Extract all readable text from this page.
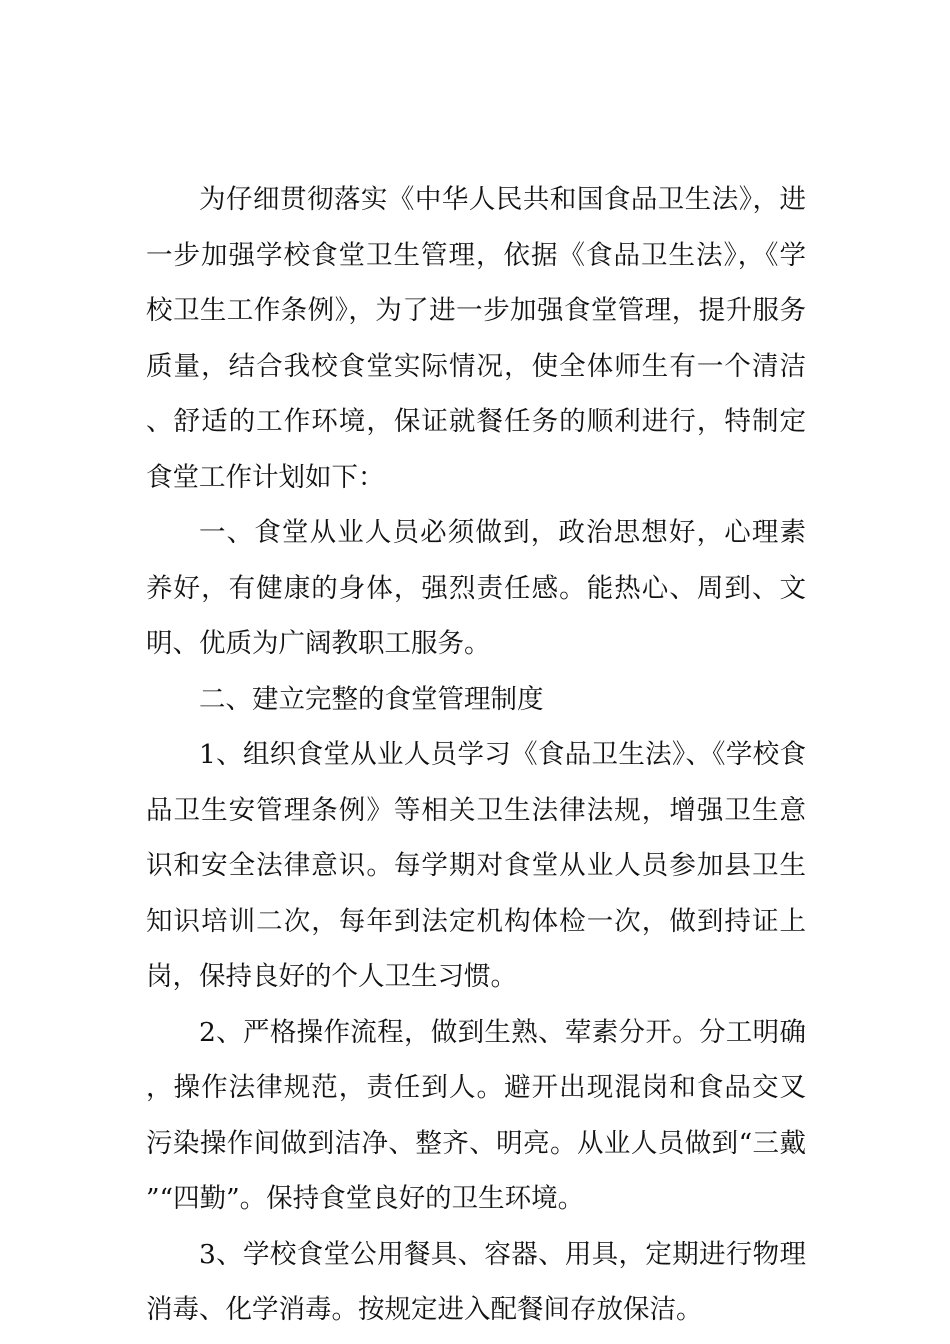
为仔细贯彻落实《中华人民共和国食品卫生法》，进一步加强学校食堂卫生管理，依据《食品卫生法》，《学校卫生工作条例》，为了进一步加强食堂管理，提升服务质量，结合我校食堂实际情况，使全体师生有一个清洁、舒适的工作环境，保证就餐任务的顺利进行，特制定食堂工作计划如下：

一、食堂从业人员必须做到，政治思想好，心理素养好，有健康的身体，强烈责任感。能热心、周到、文明、优质为广阔教职工服务。

二、建立完整的食堂管理制度

1、组织食堂从业人员学习《食品卫生法》、《学校食品卫生安管理条例》等相关卫生法律法规，增强卫生意识和安全法律意识。每学期对食堂从业人员参加县卫生知识培训二次，每年到法定机构体检一次，做到持证上岗，保持良好的个人卫生习惯。

2、严格操作流程，做到生熟、荤素分开。分工明确，操作法律规范，责任到人。避开出现混岗和食品交叉污染操作间做到洁净、整齐、明亮。从业人员做到“三戴”“四勤”。保持食堂良好的卫生环境。

3、学校食堂公用餐具、容器、用具，定期进行物理消毒、化学消毒。按规定进入配餐间存放保洁。
